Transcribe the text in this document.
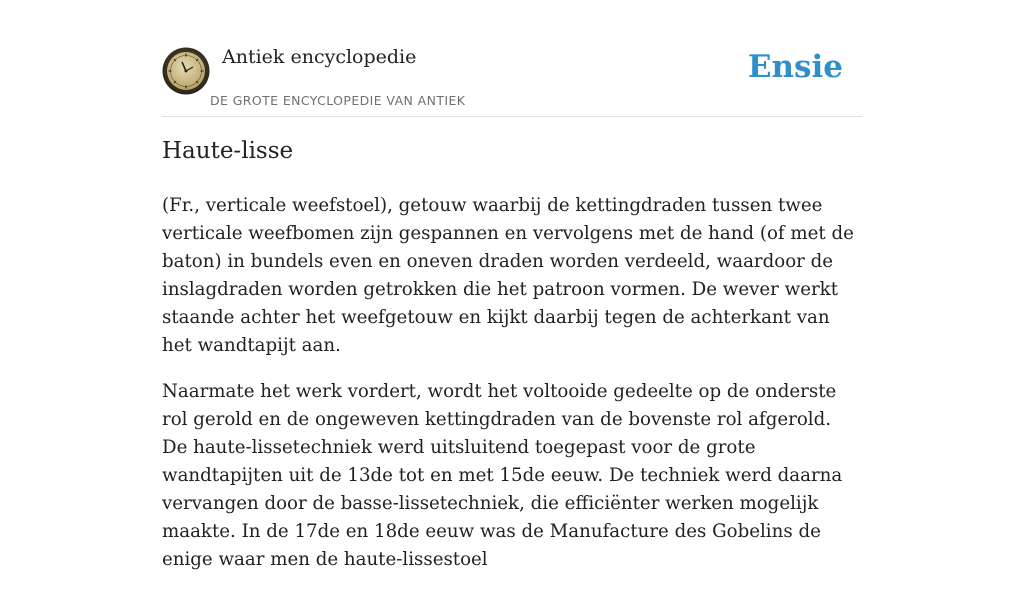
Antiek encyclopedie
DE GROTE ENCYCLOPEDIE VAN ANTIEK
Ensie
Haute-lisse

(Fr., verticale weefstoel), getouw waarbij de kettingdraden tussen twee verticale weefbomen zijn gespannen en vervolgens met de hand (of met de baton) in bundels even en oneven draden worden verdeeld, waardoor de inslagdraden worden getrokken die het patroon vormen. De wever werkt staande achter het weefgetouw en kijkt daarbij tegen de achterkant van het wandtapijt aan.

Naarmate het werk vordert, wordt het voltooide gedeelte op de onderste rol gerold en de ongeweven kettingdraden van de bovenste rol afgerold. De haute-lissetechniek werd uitsluitend toegepast voor de grote wandtapijten uit de 13de tot en met 15de eeuw. De techniek werd daarna vervangen door de basse-lissetechniek, die efficiënter werken mogelijk maakte. In de 17de en 18de eeuw was de Manufacture des Gobelins de enige waar men de haute-lissestoel
